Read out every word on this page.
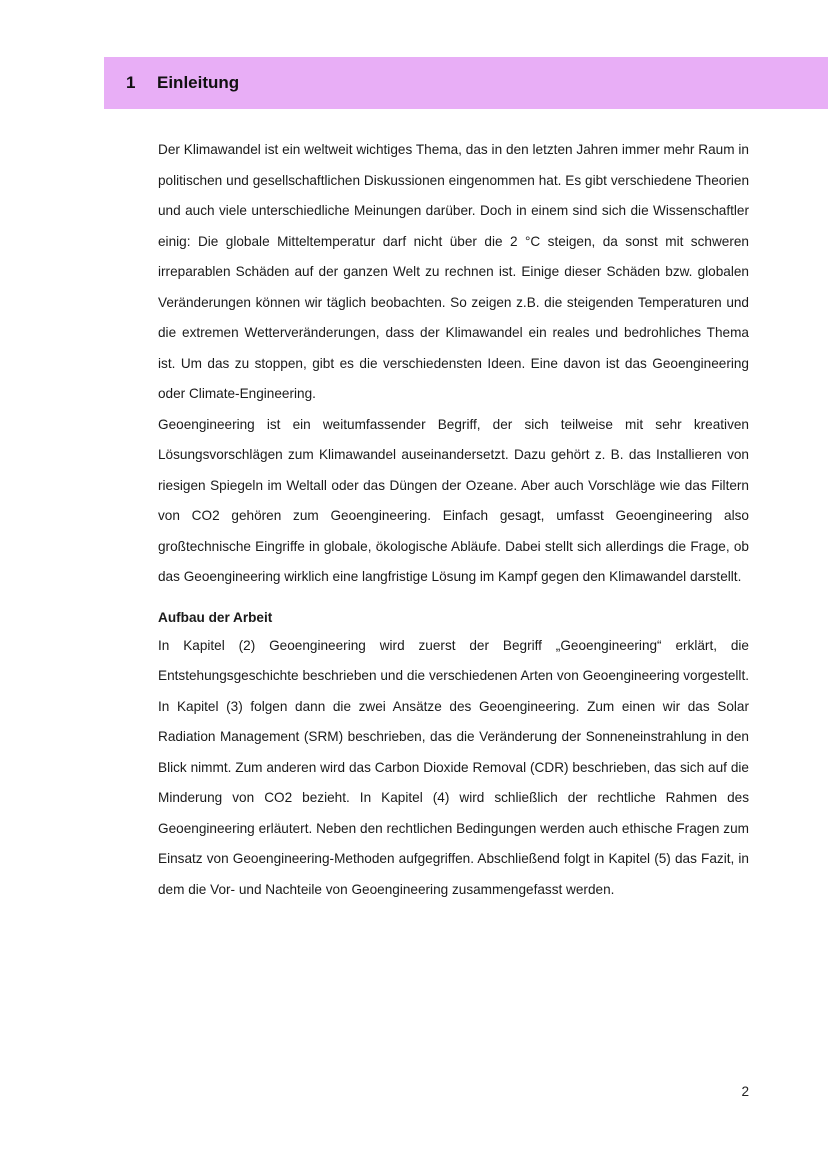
1 Einleitung

Der Klimawandel ist ein weltweit wichtiges Thema, das in den letzten Jahren immer mehr Raum in politischen und gesellschaftlichen Diskussionen eingenommen hat. Es gibt verschiedene Theorien und auch viele unterschiedliche Meinungen darüber. Doch in einem sind sich die Wissenschaftler einig: Die globale Mitteltemperatur darf nicht über die 2 °C steigen, da sonst mit schweren irreparablen Schäden auf der ganzen Welt zu rechnen ist. Einige dieser Schäden bzw. globalen Veränderungen können wir täglich beobachten. So zeigen z.B. die steigenden Temperaturen und die extremen Wetterveränderungen, dass der Klimawandel ein reales und bedrohliches Thema ist. Um das zu stoppen, gibt es die verschiedensten Ideen. Eine davon ist das Geoengineering oder Climate-Engineering.

Geoengineering ist ein weitumfassender Begriff, der sich teilweise mit sehr kreativen Lösungsvorschlägen zum Klimawandel auseinandersetzt. Dazu gehört z. B. das Installieren von riesigen Spiegeln im Weltall oder das Düngen der Ozeane. Aber auch Vorschläge wie das Filtern von CO2 gehören zum Geoengineering. Einfach gesagt, umfasst Geoengineering also großtechnische Eingriffe in globale, ökologische Abläufe. Dabei stellt sich allerdings die Frage, ob das Geoengineering wirklich eine langfristige Lösung im Kampf gegen den Klimawandel darstellt.

Aufbau der Arbeit

In Kapitel (2) Geoengineering wird zuerst der Begriff „Geoengineering“ erklärt, die Entstehungsgeschichte beschrieben und die verschiedenen Arten von Geoengineering vorgestellt. In Kapitel (3) folgen dann die zwei Ansätze des Geoengineering. Zum einen wir das Solar Radiation Management (SRM) beschrieben, das die Veränderung der Sonneneinstrahlung in den Blick nimmt. Zum anderen wird das Carbon Dioxide Removal (CDR) beschrieben, das sich auf die Minderung von CO2 bezieht. In Kapitel (4) wird schließlich der rechtliche Rahmen des Geoengineering erläutert. Neben den rechtlichen Bedingungen werden auch ethische Fragen zum Einsatz von Geoengineering-Methoden aufgegriffen. Abschließend folgt in Kapitel (5) das Fazit, in dem die Vor- und Nachteile von Geoengineering zusammengefasst werden.

2
